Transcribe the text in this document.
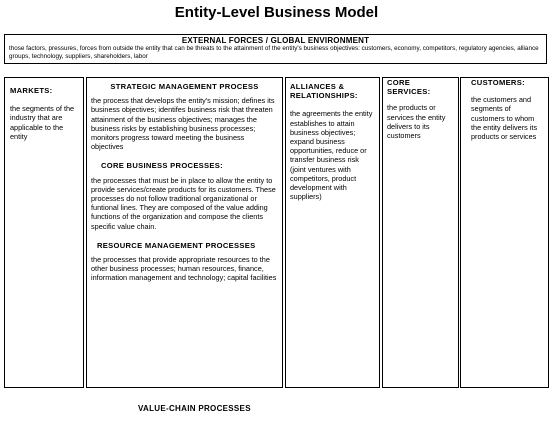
Entity-Level Business Model
EXTERNAL FORCES / GLOBAL ENVIRONMENT
those factors, pressures, forces from outside the entity that can be threats to the attainment of the entity's business objectives: customers, economy, competitors, regulatory agencies, alliance groups, technology, suppliers, shareholders, labor

MARKETS:

the segments of the industry that are applicable to the entity

STRATEGIC MANAGEMENT PROCESS

the process that develops the entity's mission; defines its business objectives; identifes business risk that threaten attainment of the business objectives; manages the business risks by establishing business processes; monitors progress toward meeting the business objectives

CORE BUSINESS PROCESSES:

the processes that must be in place to allow the entity to provide services/create products for its customers. These processes do not follow traditional organizational or funtional lines. They are composed of the value adding functions of the organization and compose the clients specific value chain.

RESOURCE MANAGEMENT PROCESSES

the processes that provide appropriate resources to the other business processes; human resources, finance, information management and technology; capital facilities

ALLIANCES & RELATIONSHIPS:

the agreements the entity establishes to attain business objectives; expand business opportunities, reduce or transfer business risk (joint ventures with competitors, product development with suppliers)

CORE SERVICES:

the products or services the entity delivers to its customers

CUSTOMERS:

the customers and segments of customers to whom the entity delivers its products or services

VALUE-CHAIN PROCESSES
